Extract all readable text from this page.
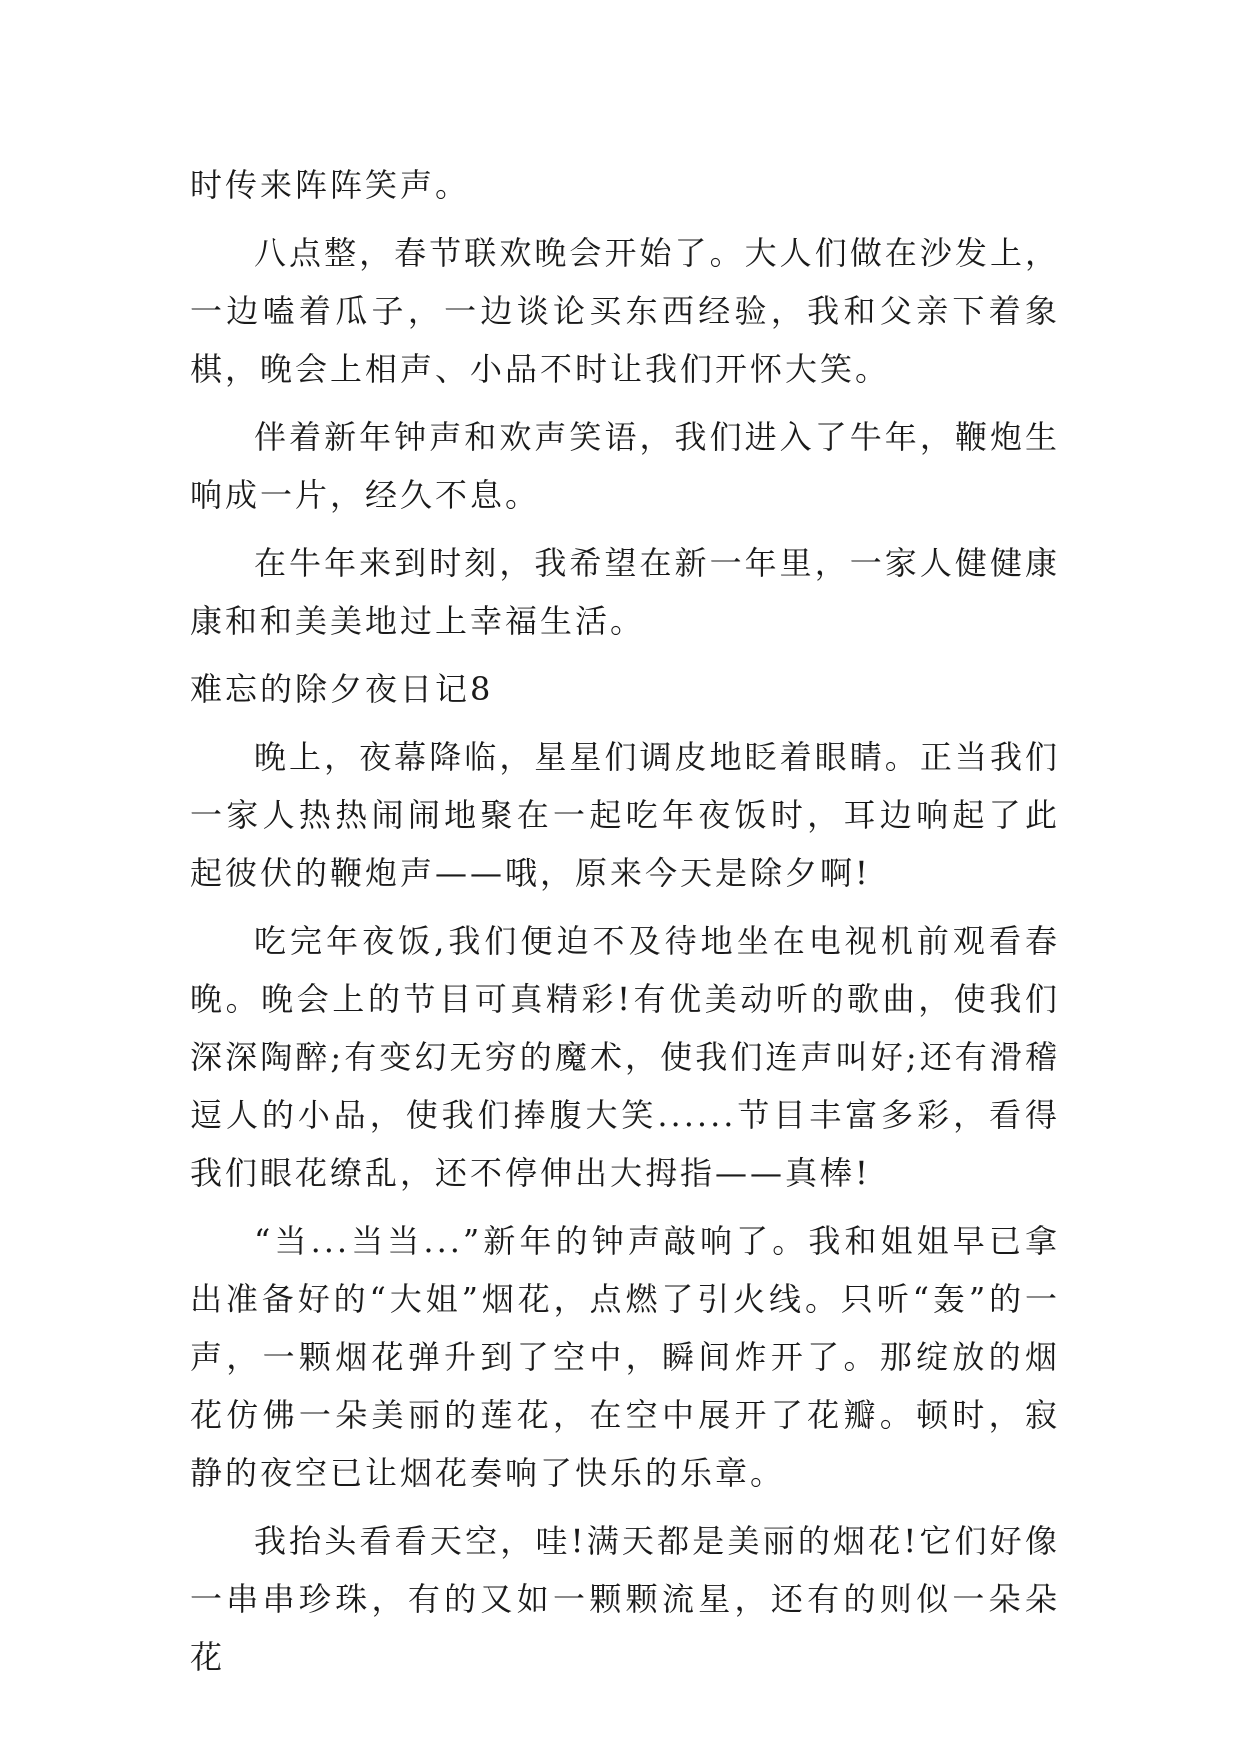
时传来阵阵笑声。

八点整，春节联欢晚会开始了。大人们做在沙发上，一边嗑着瓜子，一边谈论买东西经验，我和父亲下着象棋，晚会上相声、小品不时让我们开怀大笑。

伴着新年钟声和欢声笑语，我们进入了牛年，鞭炮生响成一片，经久不息。

在牛年来到时刻，我希望在新一年里，一家人健健康康和和美美地过上幸福生活。

难忘的除夕夜日记8

晚上，夜幕降临，星星们调皮地眨着眼睛。正当我们一家人热热闹闹地聚在一起吃年夜饭时，耳边响起了此起彼伏的鞭炮声——哦，原来今天是除夕啊!

吃完年夜饭,我们便迫不及待地坐在电视机前观看春晚。晚会上的节目可真精彩!有优美动听的歌曲，使我们深深陶醉;有变幻无穷的魔术，使我们连声叫好;还有滑稽逗人的小品，使我们捧腹大笑......节目丰富多彩，看得我们眼花缭乱，还不停伸出大拇指——真棒!

“当...当当...”新年的钟声敲响了。我和姐姐早已拿出准备好的“大姐”烟花，点燃了引火线。只听“轰”的一声，一颗烟花弹升到了空中，瞬间炸开了。那绽放的烟花仿佛一朵美丽的莲花，在空中展开了花瓣。顿时，寂静的夜空已让烟花奏响了快乐的乐章。

我抬头看看天空，哇!满天都是美丽的烟花!它们好像一串串珍珠，有的又如一颗颗流星，还有的则似一朵朵花
